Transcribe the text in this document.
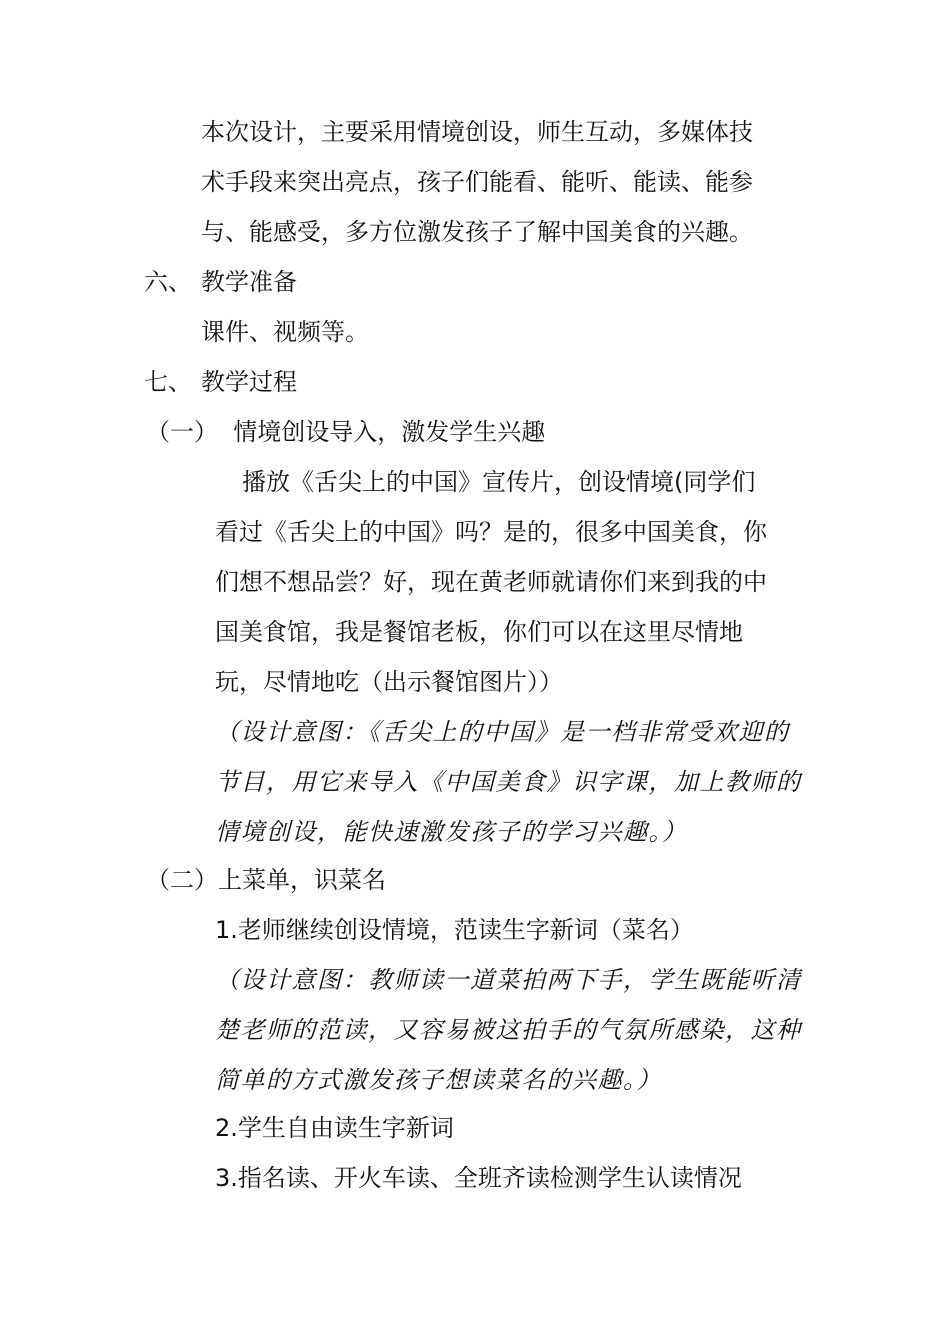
本次设计，主要采用情境创设，师生互动，多媒体技

术手段来突出亮点，孩子们能看、能听、能读、能参

与、能感受，多方位激发孩子了解中国美食的兴趣。

六、 教学准备

课件、视频等。

七、 教学过程

（一）  情境创设导入，激发学生兴趣

播放《舌尖上的中国》宣传片，创设情境(同学们

看过《舌尖上的中国》吗？是的，很多中国美食，你

们想不想品尝？好，现在黄老师就请你们来到我的中

国美食馆，我是餐馆老板，你们可以在这里尽情地

玩，尽情地吃（出示餐馆图片））

（设计意图：《舌尖上的中国》是一档非常受欢迎的

节目，用它来导入《中国美食》识字课，加上教师的

情境创设，能快速激发孩子的学习兴趣。）

（二）上菜单，识菜名

1.老师继续创设情境，范读生字新词（菜名）

（设计意图：教师读一道菜拍两下手，学生既能听清

楚老师的范读，又容易被这拍手的气氛所感染，这种

简单的方式激发孩子想读菜名的兴趣。）

2.学生自由读生字新词

3.指名读、开火车读、全班齐读检测学生认读情况
